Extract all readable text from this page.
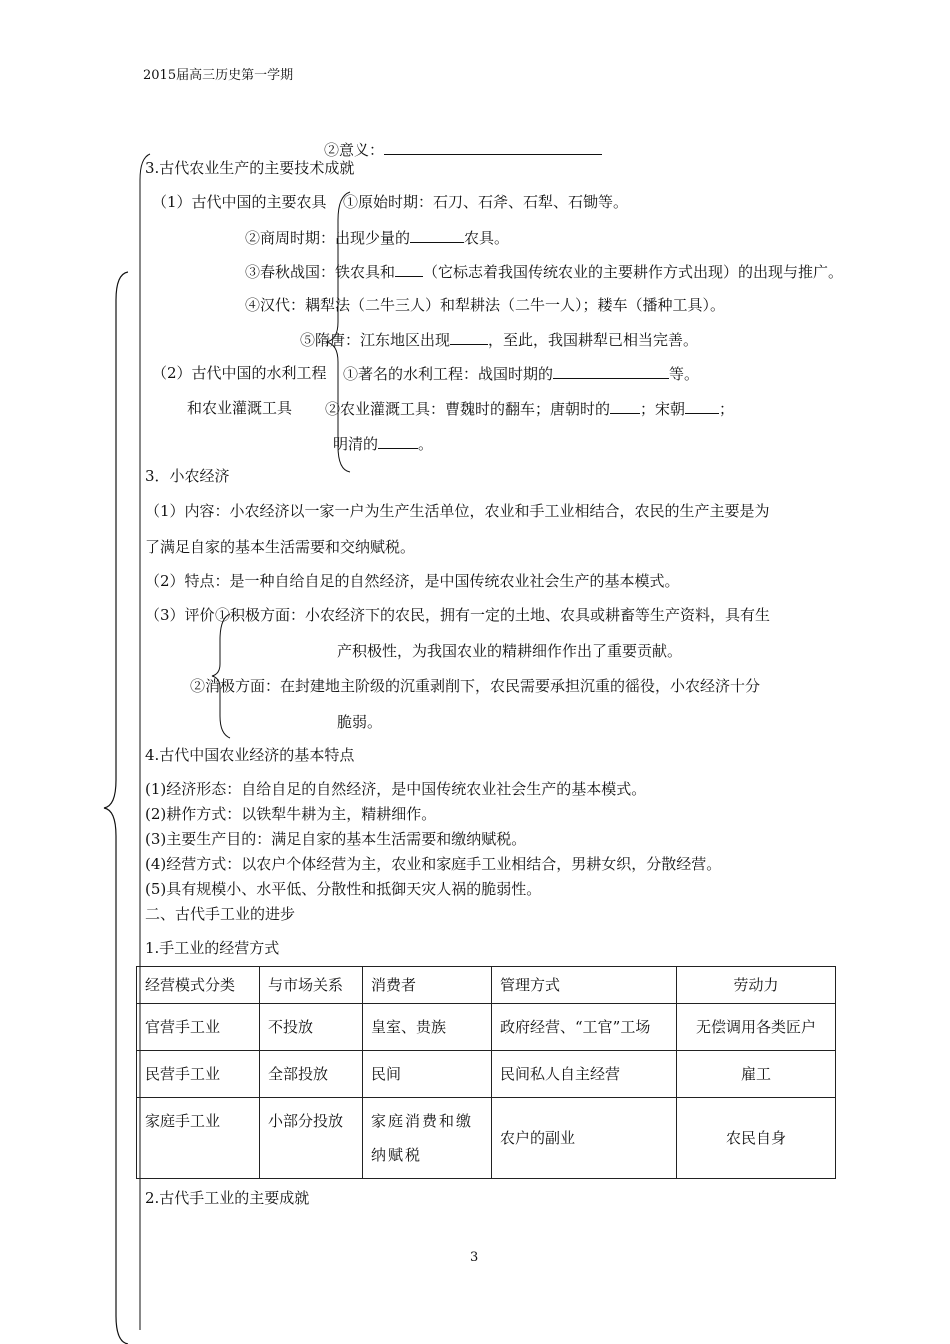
2015届高三历史第一学期
②意义：
3.古代农业生产的主要技术成就
（1）古代中国的主要农具 ①原始时期：石刀、石斧、石犁、石锄等。
②商周时期：出现少量的	农具。
③春秋战国：铁农具和 （它标志着我国传统农业的主要耕作方式出现）的出现与推广。
④汉代：耦犁法（二牛三人）和犁耕法（二牛一人）；耧车（播种工具）。
⑤隋唐：江东地区出现	，至此，我国耕犁已相当完善。
（2）古代中国的水利工程
和农业灌溉工具
①著名的水利工程：战国时期的	等。
②农业灌溉工具：曹魏时的翻车；唐朝时的 ；宋朝 ；
明清的	。
3．小农经济
（1）内容：小农经济以一家一户为生产生活单位，农业和手工业相结合，农民的生产主要是为
了满足自家的基本生活需要和交纳赋税。
（2）特点：是一种自给自足的自然经济，是中国传统农业社会生产的基本模式。
（3）评价 ①积极方面：小农经济下的农民，拥有一定的土地、农具或耕畜等生产资料，具有生
产积极性，为我国农业的精耕细作作出了重要贡献。
②消极方面：在封建地主阶级的沉重剥削下，农民需要承担沉重的徭役，小农经济十分
脆弱。
4.古代中国农业经济的基本特点
(1)经济形态：自给自足的自然经济，是中国传统农业社会生产的基本模式。
(2)耕作方式：以铁犁牛耕为主，精耕细作。
(3)主要生产目的：满足自家的基本生活需要和缴纳赋税。
(4)经营方式：以农户个体经营为主，农业和家庭手工业相结合，男耕女织，分散经营。
(5)具有规模小、水平低、分散性和抵御天灾人祸的脆弱性。
二、古代手工业的进步
1.手工业的经营方式
经营模式分类	与市场关系	消费者	管理方式	劳动力
官营手工业	不投放	皇室、贵族	政府经营、“工官”工场	无偿调用各类匠户
民营手工业	全部投放	民间	民间私人自主经营	雇工
家庭手工业	小部分投放	家庭消费和缴纳赋税	农户的副业	农民自身
2.古代手工业的主要成就
3
